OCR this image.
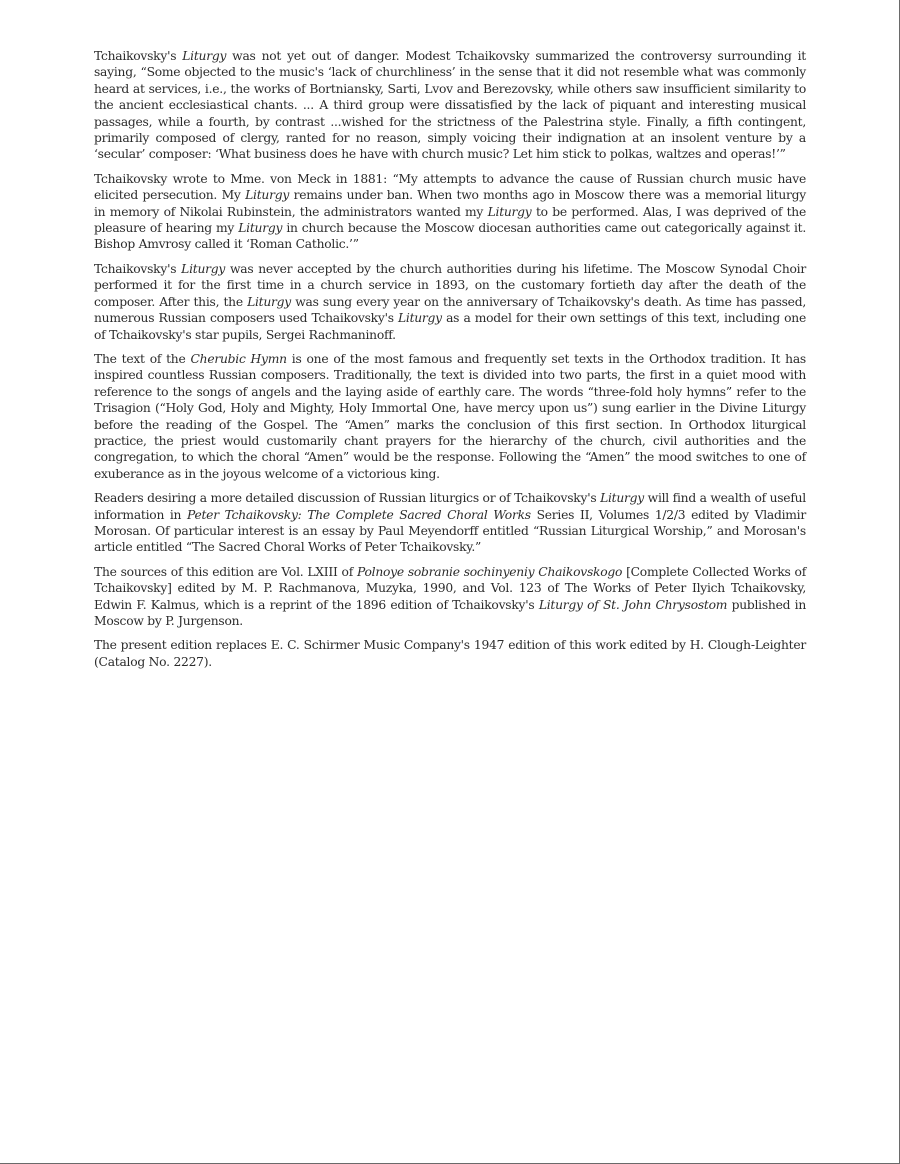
Tchaikovsky's Liturgy was not yet out of danger. Modest Tchaikovsky summarized the controversy surrounding it saying, “Some objected to the music's ‘lack of churchliness’ in the sense that it did not resemble what was commonly heard at services, i.e., the works of Bortniansky, Sarti, Lvov and Berezovsky, while others saw insufficient similarity to the ancient ecclesiastical chants. ... A third group were dissatisfied by the lack of piquant and interesting musical passages, while a fourth, by contrast ...wished for the strictness of the Palestrina style. Finally, a fifth contingent, primarily composed of clergy, ranted for no reason, simply voicing their indignation at an insolent venture by a ‘secular’ composer: ‘What business does he have with church music? Let him stick to polkas, waltzes and operas!’”

Tchaikovsky wrote to Mme. von Meck in 1881: “My attempts to advance the cause of Russian church music have elicited persecution. My Liturgy remains under ban. When two months ago in Moscow there was a memorial liturgy in memory of Nikolai Rubinstein, the administrators wanted my Liturgy to be performed. Alas, I was deprived of the pleasure of hearing my Liturgy in church because the Moscow diocesan authorities came out categorically against it. Bishop Amvrosy called it ‘Roman Catholic.’”

Tchaikovsky's Liturgy was never accepted by the church authorities during his lifetime. The Moscow Synodal Choir performed it for the first time in a church service in 1893, on the customary fortieth day after the death of the composer. After this, the Liturgy was sung every year on the anniversary of Tchaikovsky's death. As time has passed, numerous Russian composers used Tchaikovsky's Liturgy as a model for their own settings of this text, including one of Tchaikovsky's star pupils, Sergei Rachmaninoff.

The text of the Cherubic Hymn is one of the most famous and frequently set texts in the Orthodox tradition. It has inspired countless Russian composers. Traditionally, the text is divided into two parts, the first in a quiet mood with reference to the songs of angels and the laying aside of earthly care. The words “three-fold holy hymns” refer to the Trisagion (“Holy God, Holy and Mighty, Holy Immortal One, have mercy upon us”) sung earlier in the Divine Liturgy before the reading of the Gospel. The “Amen” marks the conclusion of this first section. In Orthodox liturgical practice, the priest would customarily chant prayers for the hierarchy of the church, civil authorities and the congregation, to which the choral “Amen” would be the response. Following the “Amen” the mood switches to one of exuberance as in the joyous welcome of a victorious king.

Readers desiring a more detailed discussion of Russian liturgics or of Tchaikovsky's Liturgy will find a wealth of useful information in Peter Tchaikovsky: The Complete Sacred Choral Works Series II, Volumes 1/2/3 edited by Vladimir Morosan. Of particular interest is an essay by Paul Meyendorff entitled “Russian Liturgical Worship,” and Morosan's article entitled “The Sacred Choral Works of Peter Tchaikovsky.”

The sources of this edition are Vol. LXIII of Polnoye sobranie sochinyeniy Chaikovskogo [Complete Collected Works of Tchaikovsky] edited by M. P. Rachmanova, Muzyka, 1990, and Vol. 123 of The Works of Peter Ilyich Tchaikovsky, Edwin F. Kalmus, which is a reprint of the 1896 edition of Tchaikovsky's Liturgy of St. John Chrysostom published in Moscow by P. Jurgenson.

The present edition replaces E. C. Schirmer Music Company's 1947 edition of this work edited by H. Clough-Leighter (Catalog No. 2227).
